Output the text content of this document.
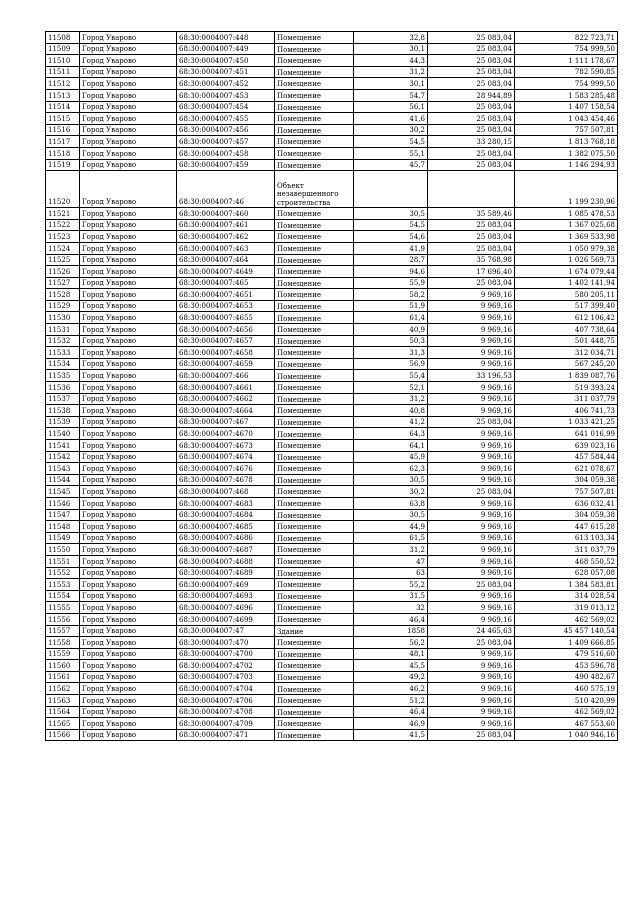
11508	Город Уварово	68:30:0004007:448	Помещение	32,8	25 083,04	822 723,71
11509	Город Уварово	68:30:0004007:449	Помещение	30,1	25 083,04	754 999,50
11510	Город Уварово	68:30:0004007:450	Помещение	44,3	25 083,04	1 111 178,67
11511	Город Уварово	68:30:0004007:451	Помещение	31,2	25 083,04	782 590,85
11512	Город Уварово	68:30:0004007:452	Помещение	30,1	25 083,04	754 999,50
11513	Город Уварово	68:30:0004007:453	Помещение	54,7	28 944,89	1 583 285,48
11514	Город Уварово	68:30:0004007:454	Помещение	56,1	25 083,04	1 407 158,54
11515	Город Уварово	68:30:0004007:455	Помещение	41,6	25 083,04	1 043 454,46
11516	Город Уварово	68:30:0004007:456	Помещение	30,2	25 083,04	757 507,81
11517	Город Уварово	68:30:0004007:457	Помещение	54,5	33 280,15	1 813 768,18
11518	Город Уварово	68:30:0004007:458	Помещение	55,1	25 083,04	1 382 075,50
11519	Город Уварово	68:30:0004007:459	Помещение	45,7	25 083,04	1 146 294,93
11520	Город Уварово	68:30:0004007:46	Объект незавершенного строительства			1 199 230,96
11521	Город Уварово	68:30:0004007:460	Помещение	30,5	35 589,46	1 085 478,53
11522	Город Уварово	68:30:0004007:461	Помещение	54,5	25 083,04	1 367 025,68
11523	Город Уварово	68:30:0004007:462	Помещение	54,6	25 083,04	1 369 533,98
11524	Город Уварово	68:30:0004007:463	Помещение	41,9	25 083,04	1 050 979,38
11525	Город Уварово	68:30:0004007:464	Помещение	28,7	35 768,98	1 026 569,73
11526	Город Уварово	68:30:0004007:4649	Помещение	94,6	17 696,40	1 674 079,44
11527	Город Уварово	68:30:0004007:465	Помещение	55,9	25 083,04	1 402 141,94
11528	Город Уварово	68:30:0004007:4651	Помещение	58,2	9 969,16	580 205,11
11529	Город Уварово	68:30:0004007:4653	Помещение	51,9	9 969,16	517 399,40
11530	Город Уварово	68:30:0004007:4655	Помещение	61,4	9 969,16	612 106,42
11531	Город Уварово	68:30:0004007:4656	Помещение	40,9	9 969,16	407 738,64
11532	Город Уварово	68:30:0004007:4657	Помещение	50,3	9 969,16	501 448,75
11533	Город Уварово	68:30:0004007:4658	Помещение	31,3	9 969,16	312 034,71
11534	Город Уварово	68:30:0004007:4659	Помещение	56,9	9 969,16	567 245,20
11535	Город Уварово	68:30:0004007:466	Помещение	55,4	33 196,53	1 839 087,76
11536	Город Уварово	68:30:0004007:4661	Помещение	52,1	9 969,16	519 393,24
11537	Город Уварово	68:30:0004007:4662	Помещение	31,2	9 969,16	311 037,79
11538	Город Уварово	68:30:0004007:4664	Помещение	40,8	9 969,16	406 741,73
11539	Город Уварово	68:30:0004007:467	Помещение	41,2	25 083,04	1 033 421,25
11540	Город Уварово	68:30:0004007:4670	Помещение	64,3	9 969,16	641 016,99
11541	Город Уварово	68:30:0004007:4673	Помещение	64,1	9 969,16	639 023,16
11542	Город Уварово	68:30:0004007:4674	Помещение	45,9	9 969,16	457 584,44
11543	Город Уварово	68:30:0004007:4676	Помещение	62,3	9 969,16	621 078,67
11544	Город Уварово	68:30:0004007:4678	Помещение	30,5	9 969,16	304 059,38
11545	Город Уварово	68:30:0004007:468	Помещение	30,2	25 083,04	757 507,81
11546	Город Уварово	68:30:0004007:4683	Помещение	63,8	9 969,16	636 032,41
11547	Город Уварово	68:30:0004007:4684	Помещение	30,5	9 969,16	304 059,38
11548	Город Уварово	68:30:0004007:4685	Помещение	44,9	9 969,16	447 615,28
11549	Город Уварово	68:30:0004007:4686	Помещение	61,5	9 969,16	613 103,34
11550	Город Уварово	68:30:0004007:4687	Помещение	31,2	9 969,16	311 037,79
11551	Город Уварово	68:30:0004007:4688	Помещение	47	9 969,16	468 550,52
11552	Город Уварово	68:30:0004007:4689	Помещение	63	9 969,16	628 057,08
11553	Город Уварово	68:30:0004007:469	Помещение	55,2	25 083,04	1 384 583,81
11554	Город Уварово	68:30:0004007:4693	Помещение	31,5	9 969,16	314 028,54
11555	Город Уварово	68:30:0004007:4696	Помещение	32	9 969,16	319 013,12
11556	Город Уварово	68:30:0004007:4699	Помещение	46,4	9 969,16	462 569,02
11557	Город Уварово	68:30:0004007:47	Здание	1858	24 465,63	45 457 140,54
11558	Город Уварово	68:30:0004007:470	Помещение	56,2	25 083,04	1 409 666,85
11559	Город Уварово	68:30:0004007:4700	Помещение	48,1	9 969,16	479 516,60
11560	Город Уварово	68:30:0004007:4702	Помещение	45,5	9 969,16	453 596,78
11561	Город Уварово	68:30:0004007:4703	Помещение	49,2	9 969,16	490 482,67
11562	Город Уварово	68:30:0004007:4704	Помещение	46,2	9 969,16	460 575,19
11563	Город Уварово	68:30:0004007:4706	Помещение	51,2	9 969,16	510 420,99
11564	Город Уварово	68:30:0004007:4708	Помещение	46,4	9 969,16	462 569,02
11565	Город Уварово	68:30:0004007:4709	Помещение	46,9	9 969,16	467 553,60
11566	Город Уварово	68:30:0004007:471	Помещение	41,5	25 083,04	1 040 946,16
